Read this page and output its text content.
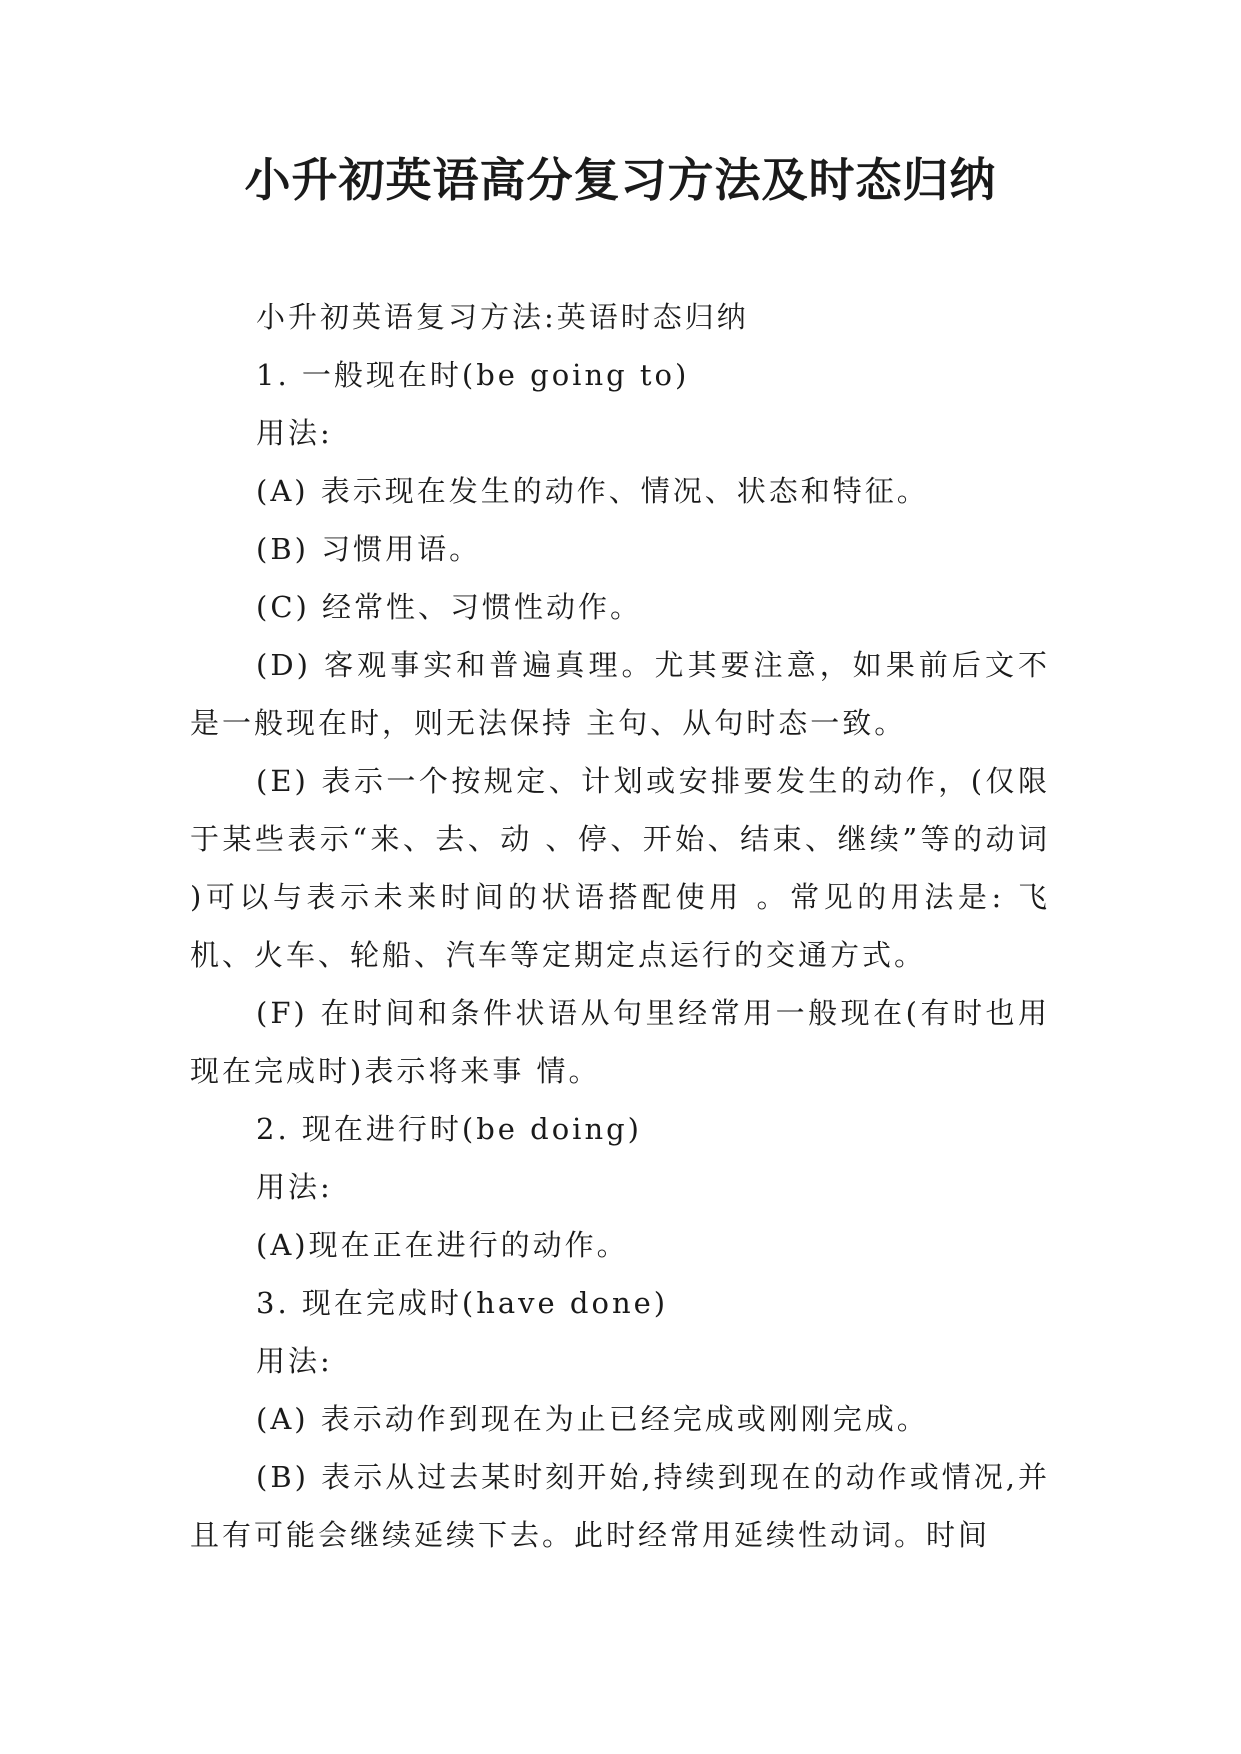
小升初英语高分复习方法及时态归纳

小升初英语复习方法:英语时态归纳

1. 一般现在时(be going to)

用法:

(A) 表示现在发生的动作、情况、状态和特征。

(B) 习惯用语。

(C) 经常性、习惯性动作。

(D) 客观事实和普遍真理。尤其要注意，如果前后文不是一般现在时，则无法保持 主句、从句时态一致。

(E) 表示一个按规定、计划或安排要发生的动作，(仅限于某些表示“来、去、动 、停、开始、结束、继续”等的动词 )可以与表示未来时间的状语搭配使用 。常见的用法是: 飞机、火车、轮船、汽车等定期定点运行的交通方式。

(F) 在时间和条件状语从句里经常用一般现在(有时也用现在完成时)表示将来事 情。

2. 现在进行时(be doing)

用法:

(A)现在正在进行的动作。

3. 现在完成时(have done)

用法:

(A) 表示动作到现在为止已经完成或刚刚完成。

(B) 表示从过去某时刻开始,持续到现在的动作或情况,并且有可能会继续延续下去。此时经常用延续性动词。时间
